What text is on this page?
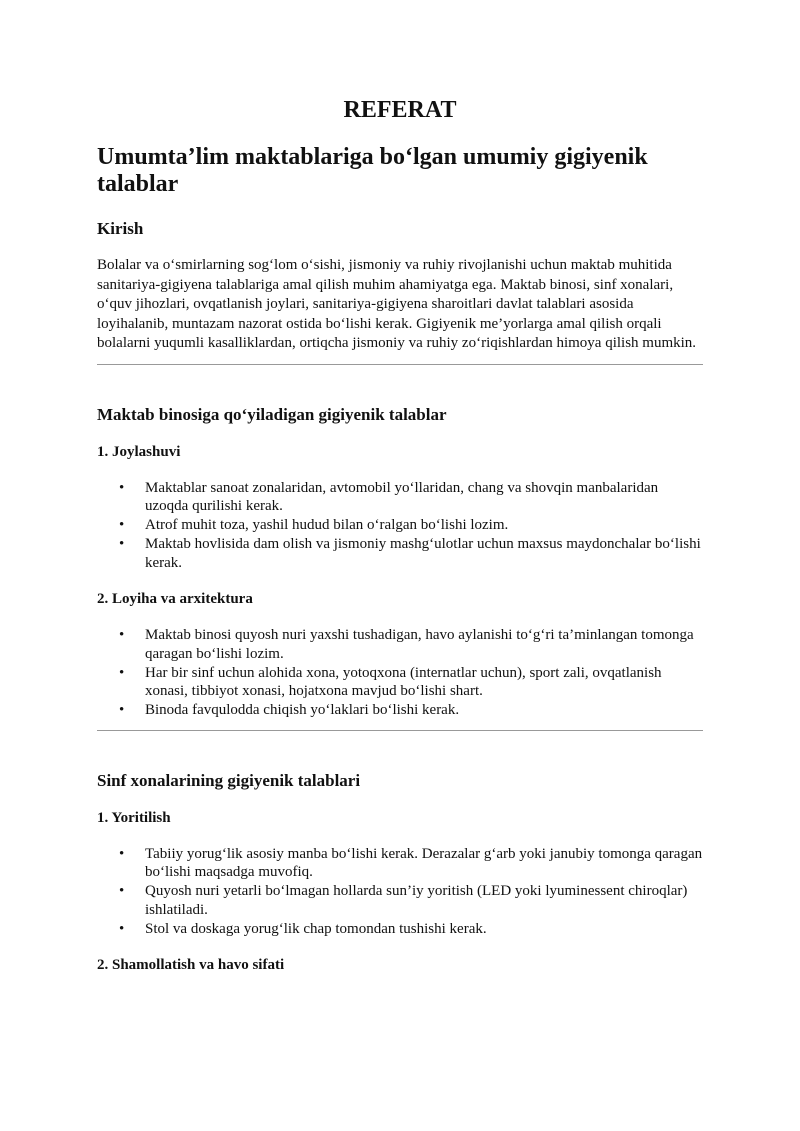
REFERAT
Umumta’lim maktablariga bo‘lgan umumiy gigiyenik talablar
Kirish

Bolalar va o‘smirlarning sog‘lom o‘sishi, jismoniy va ruhiy rivojlanishi uchun maktab muhitida sanitariya-gigiyena talablariga amal qilish muhim ahamiyatga ega. Maktab binosi, sinf xonalari, o‘quv jihozlari, ovqatlanish joylari, sanitariya-gigiyena sharoitlari davlat talablari asosida loyihalanib, muntazam nazorat ostida bo‘lishi kerak. Gigiyenik me’yorlarga amal qilish orqali bolalarni yuqumli kasalliklardan, ortiqcha jismoniy va ruhiy zo‘riqishlardan himoya qilish mumkin.

Maktab binosiga qo‘yiladigan gigiyenik talablar
1. Joylashuvi
• Maktablar sanoat zonalaridan, avtomobil yo‘llaridan, chang va shovqin manbalaridan uzoqda qurilishi kerak.
• Atrof muhit toza, yashil hudud bilan o‘ralgan bo‘lishi lozim.
• Maktab hovlisida dam olish va jismoniy mashg‘ulotlar uchun maxsus maydonchalar bo‘lishi kerak.
2. Loyiha va arxitektura
• Maktab binosi quyosh nuri yaxshi tushadigan, havo aylanishi to‘g‘ri ta’minlangan tomonga qaragan bo‘lishi lozim.
• Har bir sinf uchun alohida xona, yotoqxona (internatlar uchun), sport zali, ovqatlanish xonasi, tibbiyot xonasi, hojatxona mavjud bo‘lishi shart.
• Binoda favqulodda chiqish yo‘laklari bo‘lishi kerak.
Sinf xonalarining gigiyenik talablari
1. Yoritilish
• Tabiiy yorug‘lik asosiy manba bo‘lishi kerak. Derazalar g‘arb yoki janubiy tomonga qaragan bo‘lishi maqsadga muvofiq.
• Quyosh nuri yetarli bo‘lmagan hollarda sun’iy yoritish (LED yoki lyuminessent chiroqlar) ishlatiladi.
• Stol va doskaga yorug‘lik chap tomondan tushishi kerak.
2. Shamollatish va havo sifati
